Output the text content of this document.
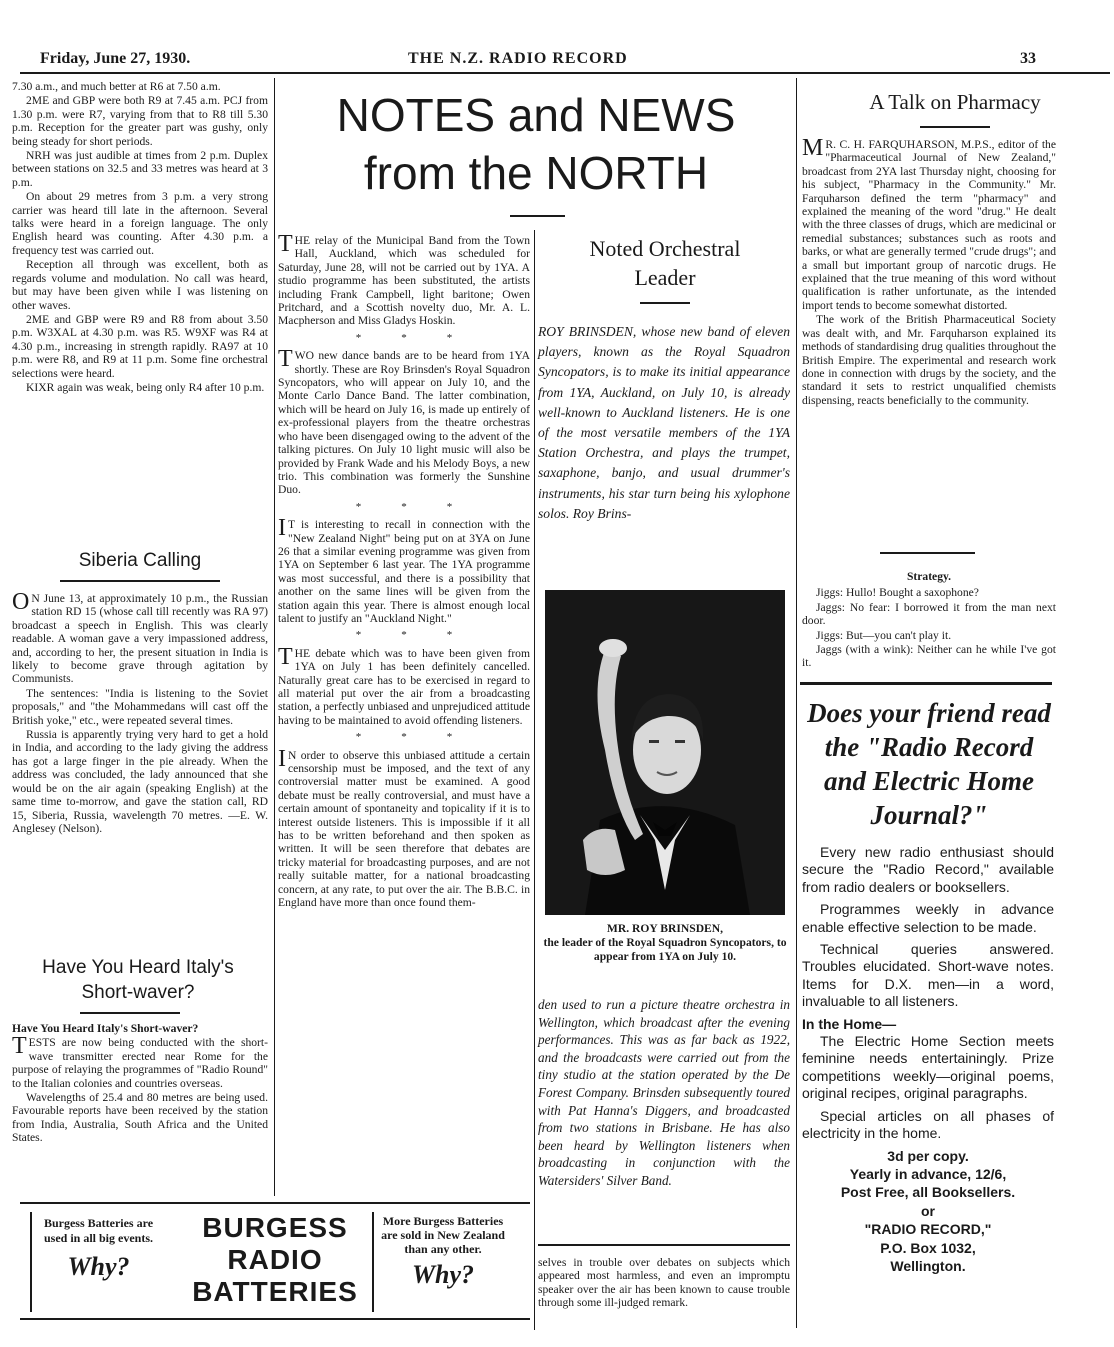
Friday, June 27, 1930.	THE N.Z. RADIO RECORD	33

7.30 a.m., and much better at R6 at 7.50 a.m.

2ME and GBP were both R9 at 7.45 a.m. PCJ from 1.30 p.m. were R7, varying from that to R8 till 5.30 p.m. Reception for the greater part was gushy, only being steady for short periods.

NRH was just audible at times from 2 p.m. Duplex between stations on 32.5 and 33 metres was heard at 3 p.m.

On about 29 metres from 3 p.m. a very strong carrier was heard till late in the afternoon. Several talks were heard in a foreign language. The only English heard was counting. After 4.30 p.m. a frequency test was carried out.

Reception all through was excellent, both as regards volume and modulation. No call was heard, but may have been given while I was listening on other waves.

2ME and GBP were R9 and R8 from about 3.50 p.m. W3XAL at 4.30 p.m. was R5. W9XF was R4 at 4.30 p.m., increasing in strength rapidly. RA97 at 10 p.m. were R8, and R9 at 11 p.m. Some fine orchestral selections were heard.

KIXR again was weak, being only R4 after 10 p.m.

Siberia Calling

ON June 13, at approximately 10 p.m., the Russian station RD 15 (whose call till recently was RA 97) broadcast a speech in English. This was clearly readable. A woman gave a very impassioned address, and, according to her, the present situation in India is likely to become grave through agitation by Communists.

The sentences: "India is listening to the Soviet proposals," and "the Mohammedans will cast off the British yoke," etc., were repeated several times.

Russia is apparently trying very hard to get a hold in India, and according to the lady giving the address has got a large finger in the pie already. When the address was concluded, the lady announced that she would be on the air again (speaking English) at the same time to-morrow, and gave the station call, RD 15, Siberia, Russia, wavelength 70 metres. —E. W. Anglesey (Nelson).

Have You Heard Italy's Short-waver?

Have You Heard Italy's Short-waver?

TESTS are now being conducted with the short-wave transmitter erected near Rome for the purpose of relaying the programmes of "Radio Round" to the Italian colonies and countries overseas.

Wavelengths of 25.4 and 80 metres are being used. Favourable reports have been received by the station from India, Australia, South Africa and the United States.

NOTES and NEWS
from the NORTH

THE relay of the Municipal Band from the Town Hall, Auckland, which was scheduled for Saturday, June 28, will not be carried out by 1YA. A studio programme has been substituted, the artists including Frank Campbell, light baritone; Owen Pritchard, and a Scottish novelty duo, Mr. A. L. Macpherson and Miss Gladys Hoskin.

***

TWO new dance bands are to be heard from 1YA shortly. These are Roy Brinsden's Royal Squadron Syncopators, who will appear on July 10, and the Monte Carlo Dance Band. The latter combination, which will be heard on July 16, is made up entirely of ex-professional players from the theatre orchestras who have been disengaged owing to the advent of the talking pictures. On July 10 light music will also be provided by Frank Wade and his Melody Boys, a new trio. This combination was formerly the Sunshine Duo.

***

IT is interesting to recall in connection with the "New Zealand Night" being put on at 3YA on June 26 that a similar evening programme was given from 1YA on September 6 last year. The 1YA programme was most successful, and there is a possibility that another on the same lines will be given from the station again this year. There is almost enough local talent to justify an "Auckland Night."

***

THE debate which was to have been given from 1YA on July 1 has been definitely cancelled. Naturally great care has to be exercised in regard to all material put over the air from a broadcasting station, a perfectly unbiased and unprejudiced attitude having to be maintained to avoid offending listeners.

***

IN order to observe this unbiased attitude a certain censorship must be imposed, and the text of any controversial matter must be examined. A good debate must be really controversial, and must have a certain amount of spontaneity and topicality if it is to interest outside listeners. This is impossible if it all has to be written beforehand and then spoken as written. It will be seen therefore that debates are tricky material for broadcasting purposes, and are not really suitable matter, for a national broadcasting concern, at any rate, to put over the air. The B.B.C. in England have more than once found them-

Noted Orchestral Leader
ROY BRINSDEN, whose new band of eleven players, known as the Royal Squadron Syncopators, is to make its initial appearance from 1YA, Auckland, on July 10, is already well-known to Auckland listeners. He is one of the most versatile members of the 1YA Station Orchestra, and plays the trumpet, saxaphone, banjo, and usual drummer's instruments, his star turn being his xylophone solos. Roy Brins-
MR. ROY BRINSDEN,
the leader of the Royal Squadron Syncopators, to appear from 1YA on July 10.
den used to run a picture theatre orchestra in Wellington, which broadcast after the evening performances. This was as far back as 1922, and the broadcasts were carried out from the tiny studio at the station operated by the De Forest Company. Brinsden subsequently toured with Pat Hanna's Diggers, and broadcasted from two stations in Brisbane. He has also been heard by Wellington listeners when broadcasting in conjunction with the Watersiders' Silver Band.
selves in trouble over debates on subjects which appeared most harmless, and even an impromptu speaker over the air has been known to cause trouble through some ill-judged remark.
A Talk on Pharmacy

MR. C. H. FARQUHARSON, M.P.S., editor of the "Pharmaceutical Journal of New Zealand," broadcast from 2YA last Thursday night, choosing for his subject, "Pharmacy in the Community." Mr. Farquharson defined the term "pharmacy" and explained the meaning of the word "drug." He dealt with the three classes of drugs, which are medicinal or remedial substances; substances such as roots and barks, or what are generally termed "crude drugs"; and a small but important group of narcotic drugs. He explained that the true meaning of this word without qualification is rather unfortunate, as the intended import tends to become somewhat distorted.

The work of the British Pharmaceutical Society was dealt with, and Mr. Farquharson explained its methods of standardising drug qualities throughout the British Empire. The experimental and research work done in connection with drugs by the society, and the standard it sets to restrict unqualified chemists dispensing, reacts beneficially to the community.

Strategy.

Jiggs: Hullo! Bought a saxophone?

Jaggs: No fear: I borrowed it from the man next door.

Jiggs: But—you can't play it.

Jaggs (with a wink): Neither can he while I've got it.

Does your friend read the "Radio Record and Electric Home Journal?"

Every new radio enthusiast should secure the "Radio Record," available from radio dealers or booksellers.

Programmes weekly in advance enable effective selection to be made.

Technical queries answered. Troubles elucidated. Short-wave notes. Items for D.X. men—in a word, invaluable to all listeners.

In the Home—

The Electric Home Section meets feminine needs entertainingly. Prize competitions weekly—original poems, original recipes, original paragraphs.

Special articles on all phases of electricity in the home.

3d per copy.

Yearly in advance, 12/6,

Post Free, all Booksellers.

or

"RADIO RECORD,"

P.O. Box 1032,

Wellington.

Burgess Batteries are used in all big events.
Why?
BURGESS
RADIO
BATTERIES
More Burgess Batteries are sold in New Zealand than any other.
Why?
